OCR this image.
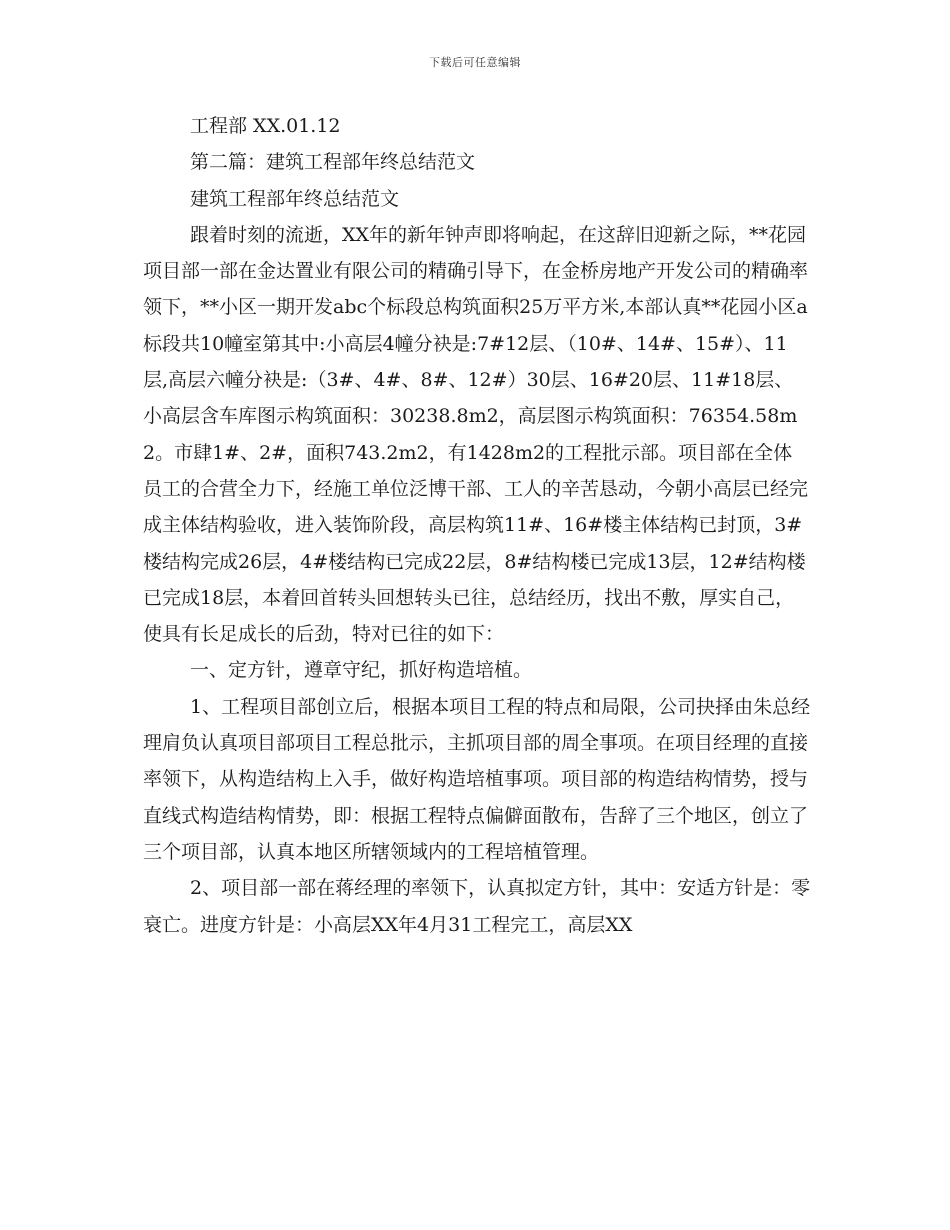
下载后可任意编辑

工程部 XX.01.12

第二篇：建筑工程部年终总结范文

建筑工程部年终总结范文

跟着时刻的流逝，XX年的新年钟声即将响起，在这辞旧迎新之际，**花园项目部一部在金达置业有限公司的精确引导下，在金桥房地产开发公司的精确率领下，**小区一期开发abc个标段总构筑面积25万平方米,本部认真**花园小区a标段共10幢室第其中:小高层4幢分袂是:7#12层、（10#、14#、15#）、11层,高层六幢分袂是:（3#、4#、8#、12#）30层、16#20层、11#18层、小高层含车库图示构筑面积：30238.8m2，高层图示构筑面积：76354.58m2。市肆1#、2#，面积743.2m2，有1428m2的工程批示部。项目部在全体员工的合营全力下，经施工单位泛博干部、工人的辛苦恳动，今朝小高层已经完成主体结构验收，进入装饰阶段，高层构筑11#、16#楼主体结构已封顶，3#楼结构完成26层，4#楼结构已完成22层，8#结构楼已完成13层，12#结构楼已完成18层，本着回首转头回想转头已往，总结经历，找出不敷，厚实自己，使具有长足成长的后劲，特对已往的如下：

一、定方针，遵章守纪，抓好构造培植。

1、工程项目部创立后，根据本项目工程的特点和局限，公司抉择由朱总经理肩负认真项目部项目工程总批示，主抓项目部的周全事项。在项目经理的直接率领下，从构造结构上入手，做好构造培植事项。项目部的构造结构情势，授与直线式构造结构情势，即：根据工程特点偏僻面散布，告辞了三个地区，创立了三个项目部，认真本地区所辖领域内的工程培植管理。

2、项目部一部在蒋经理的率领下，认真拟定方针，其中：安适方针是：零衰亡。进度方针是：小高层XX年4月31工程完工，高层XX
